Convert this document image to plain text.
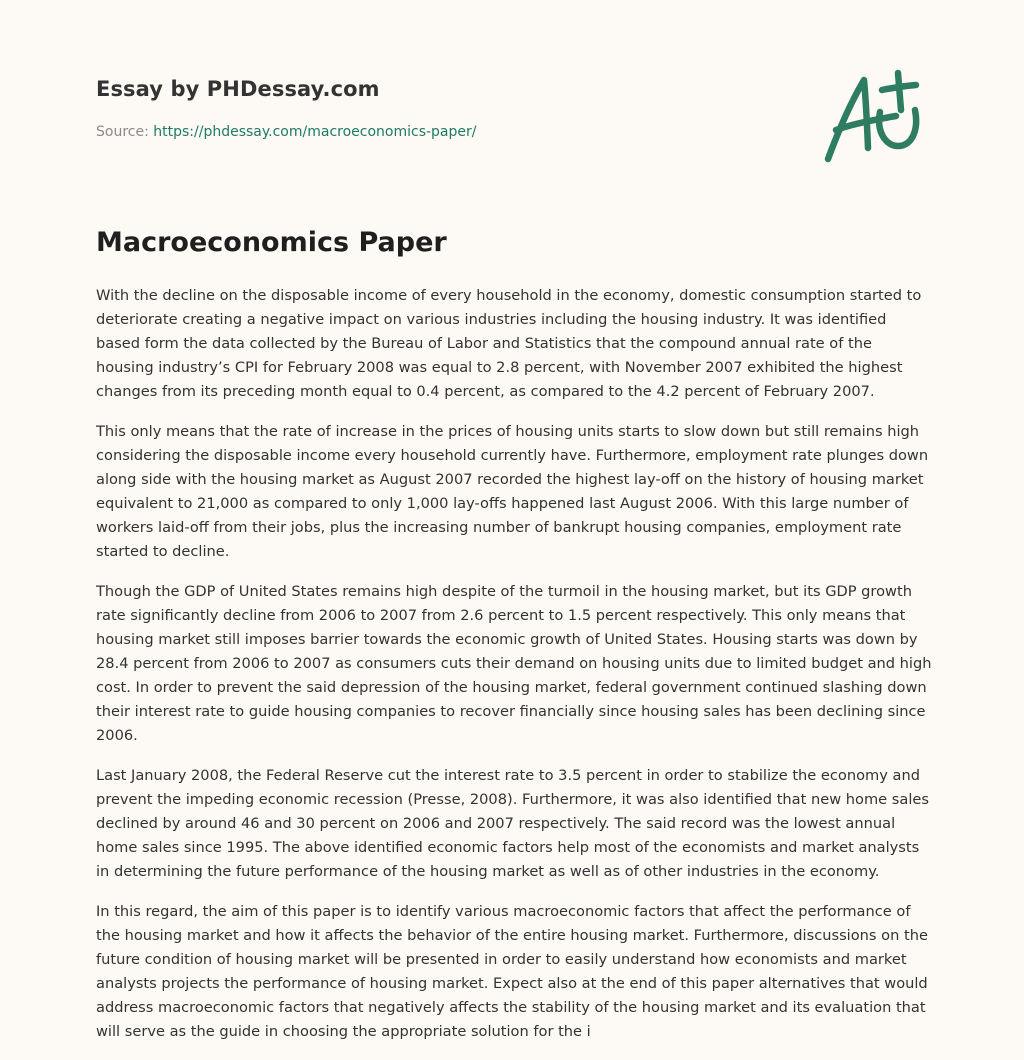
Essay by PHDessay.com
Source: https://phdessay.com/macroeconomics-paper/
Macroeconomics Paper

With the decline on the disposable income of every household in the economy, domestic consumption started to deteriorate creating a negative impact on various industries including the housing industry. It was identified based form the data collected by the Bureau of Labor and Statistics that the compound annual rate of the housing industry’s CPI for February 2008 was equal to 2.8 percent, with November 2007 exhibited the highest changes from its preceding month equal to 0.4 percent, as compared to the 4.2 percent of February 2007.

This only means that the rate of increase in the prices of housing units starts to slow down but still remains high considering the disposable income every household currently have. Furthermore, employment rate plunges down along side with the housing market as August 2007 recorded the highest lay-off on the history of housing market equivalent to 21,000 as compared to only 1,000 lay-offs happened last August 2006. With this large number of workers laid-off from their jobs, plus the increasing number of bankrupt housing companies, employment rate started to decline.

Though the GDP of United States remains high despite of the turmoil in the housing market, but its GDP growth rate significantly decline from 2006 to 2007 from 2.6 percent to 1.5 percent respectively. This only means that housing market still imposes barrier towards the economic growth of United States. Housing starts was down by 28.4 percent from 2006 to 2007 as consumers cuts their demand on housing units due to limited budget and high cost. In order to prevent the said depression of the housing market, federal government continued slashing down their interest rate to guide housing companies to recover financially since housing sales has been declining since 2006.

Last January 2008, the Federal Reserve cut the interest rate to 3.5 percent in order to stabilize the economy and prevent the impeding economic recession (Presse, 2008). Furthermore, it was also identified that new home sales declined by around 46 and 30 percent on 2006 and 2007 respectively. The said record was the lowest annual home sales since 1995. The above identified economic factors help most of the economists and market analysts in determining the future performance of the housing market as well as of other industries in the economy.

In this regard, the aim of this paper is to identify various macroeconomic factors that affect the performance of the housing market and how it affects the behavior of the entire housing market. Furthermore, discussions on the future condition of housing market will be presented in order to easily understand how economists and market analysts projects the performance of housing market. Expect also at the end of this paper alternatives that would address macroeconomic factors that negatively affects the stability of the housing market and its evaluation that will serve as the guide in choosing the appropriate solution for the i
